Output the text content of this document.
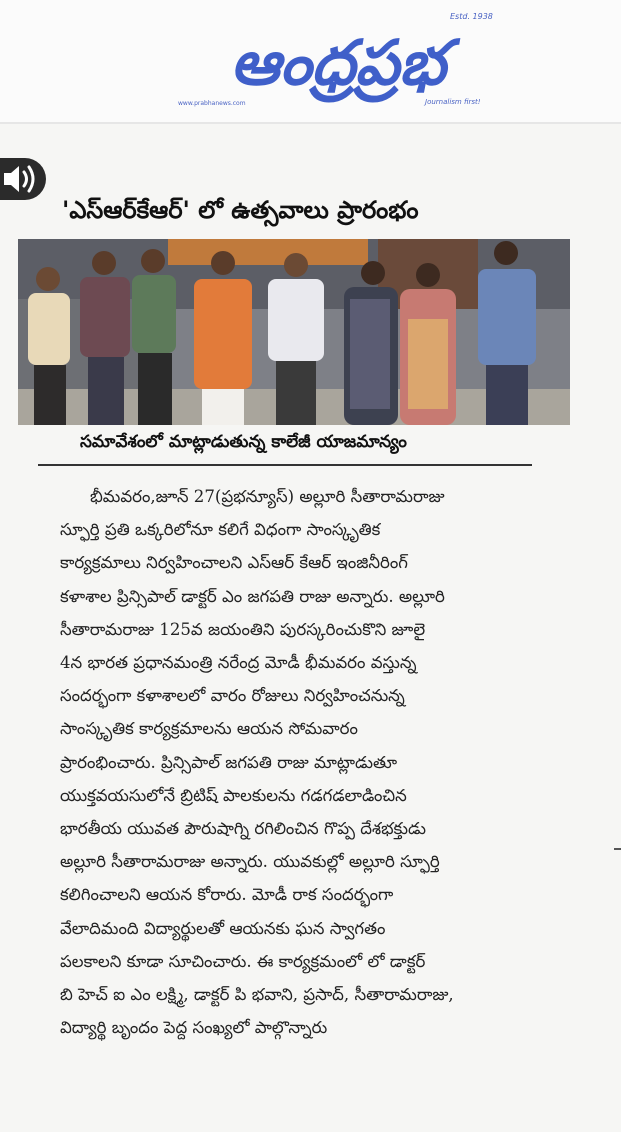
Estd. 1938
ఆంధ్రప్రభ
www.prabhanews.com	Journalism first!
'ఎస్ఆర్‌కేఆర్' లో ఉత్సవాలు ప్రారంభం
సమావేశంలో మాట్లాడుతున్న కాలేజీ యాజమాన్యం
భీమవరం,జూన్ 27(ప్రభన్యూస్) అల్లూరి సీతారామరాజు
స్ఫూర్తి ప్రతి ఒక్కరిలోనూ కలిగే విధంగా సాంస్కృతిక
కార్యక్రమాలు నిర్వహించాలని ఎస్ఆర్ కేఆర్ ఇంజినీరింగ్
కళాశాల ప్రిన్సిపాల్ డాక్టర్ ఎం జగపతి రాజు అన్నారు. అల్లూరి
సీతారామరాజు 125వ జయంతిని పురస్కరించుకొని జూలై
4న భారత ప్రధానమంత్రి నరేంద్ర మోడీ భీమవరం వస్తున్న
సందర్భంగా కళాశాలలో వారం రోజులు నిర్వహించనున్న
సాంస్కృతిక కార్యక్రమాలను ఆయన సోమవారం
ప్రారంభించారు. ప్రిన్సిపాల్ జగపతి రాజు మాట్లాడుతూ
యుక్తవయసులోనే బ్రిటిష్ పాలకులను గడగడలాడించిన
భారతీయ యువత పౌరుషాగ్ని రగిలించిన గొప్ప దేశభక్తుడు
అల్లూరి సీతారామరాజు అన్నారు. యువకుల్లో అల్లూరి స్ఫూర్తి
కలిగించాలని ఆయన కోరారు. మోడీ రాక సందర్భంగా
వేలాదిమంది విద్యార్థులతో ఆయనకు ఘన స్వాగతం
పలకాలని కూడా సూచించారు. ఈ కార్యక్రమంలో లో డాక్టర్
బి హెచ్ ఐ ఎం లక్ష్మి, డాక్టర్ పి భవాని, ప్రసాద్, సీతారామరాజు,
విద్యార్థి బృందం పెద్ద సంఖ్యలో పాల్గొన్నారు
